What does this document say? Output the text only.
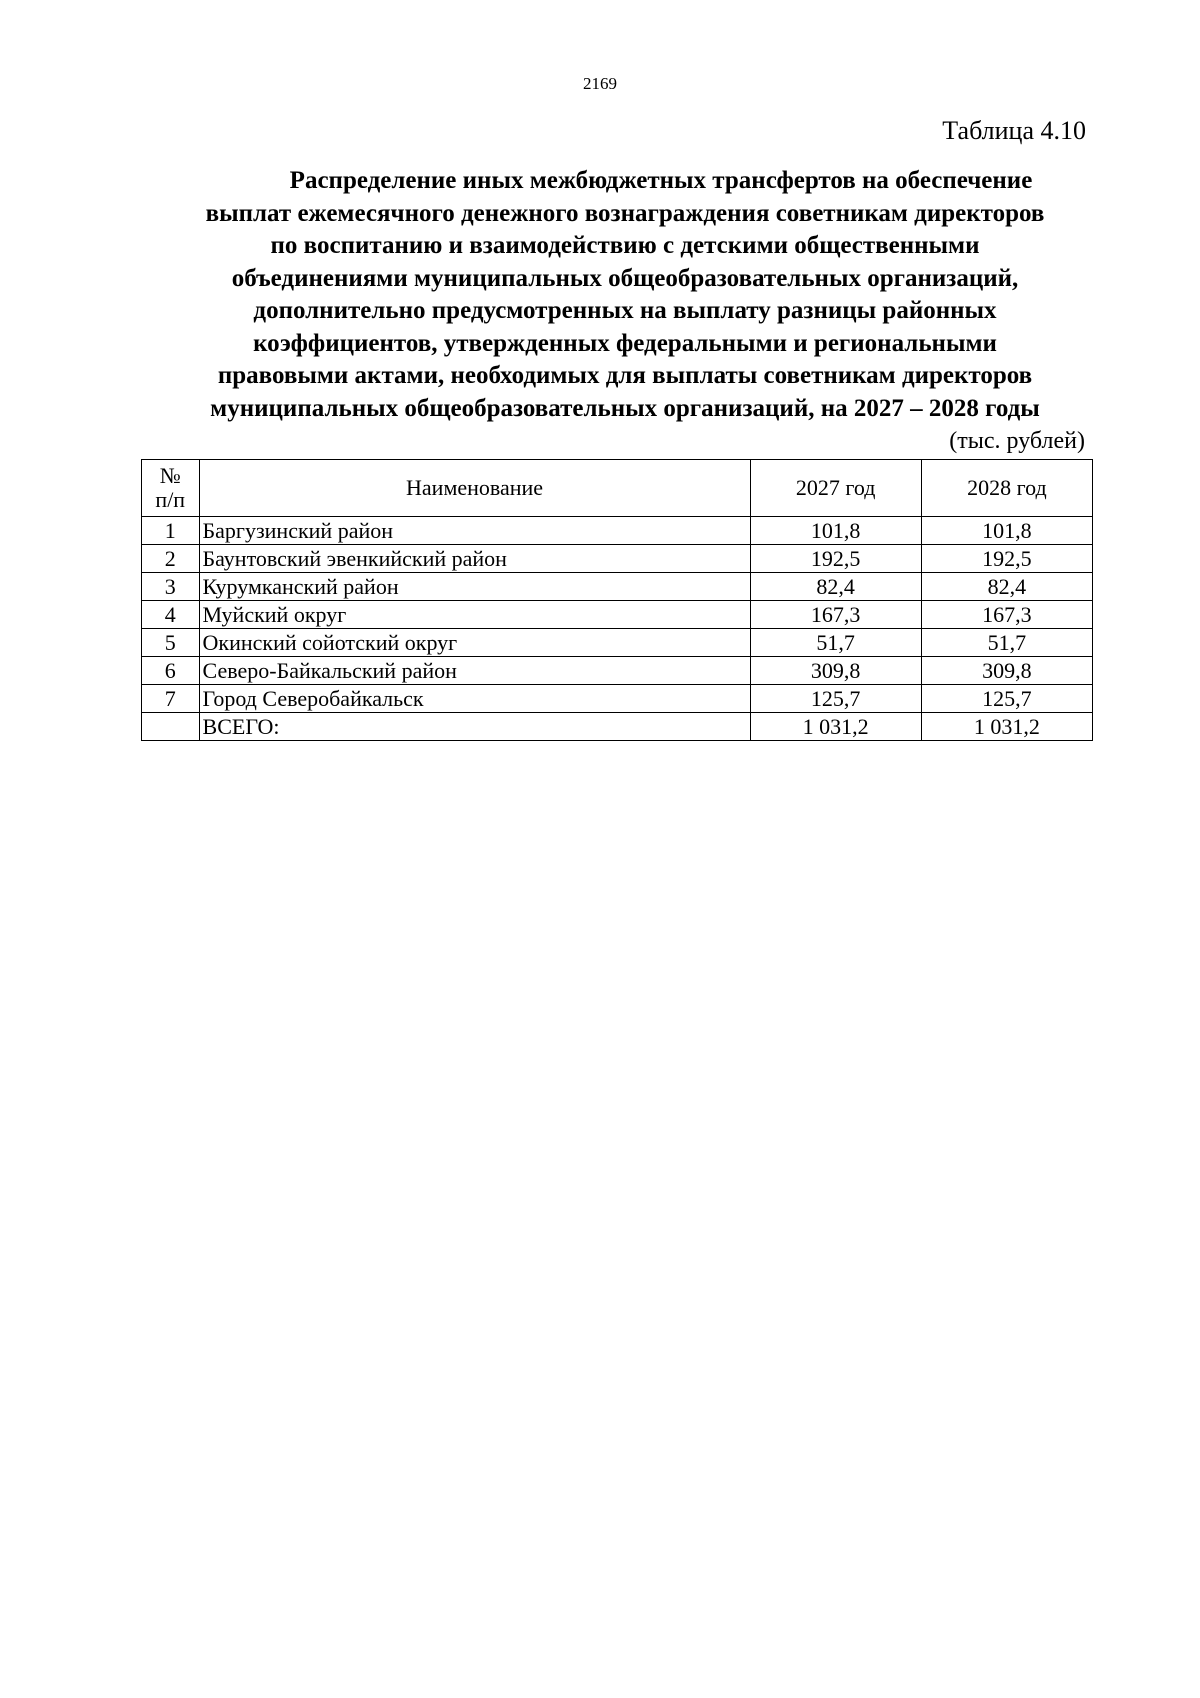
2169
Таблица 4.10
Распределение иных межбюджетных трансфертов на обеспечение
выплат ежемесячного денежного вознаграждения советникам директоров
по воспитанию и взаимодействию с детскими общественными
объединениями муниципальных общеобразовательных организаций,
дополнительно предусмотренных на выплату разницы районных
коэффициентов, утвержденных федеральными и региональными
правовыми актами, необходимых для выплаты советникам директоров
муниципальных общеобразовательных организаций, на 2027 – 2028 годы
(тыс. рублей)
№
п/п	Наименование	2027 год	2028 год
1	Баргузинский район	101,8	101,8
2	Баунтовский эвенкийский район	192,5	192,5
3	Курумканский район	82,4	82,4
4	Муйский округ	167,3	167,3
5	Окинский сойотский округ	51,7	51,7
6	Северо-Байкальский район	309,8	309,8
7	Город Северобайкальск	125,7	125,7
	ВСЕГО:	1 031,2	1 031,2
